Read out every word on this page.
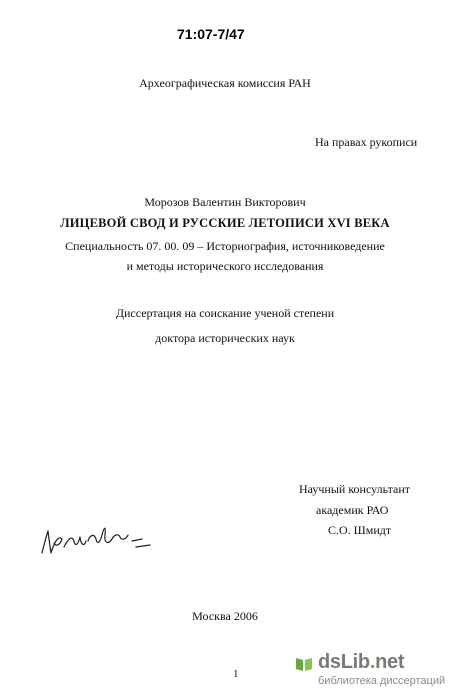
71:07-7/47
Археографическая комиссия РАН
На правах рукописи
Морозов Валентин Викторович
ЛИЦЕВОЙ СВОД И РУССКИЕ ЛЕТОПИСИ XVI ВЕКА
Специальность 07. 00. 09 – Историография, источниковедение
и методы исторического исследования
Диссертация на соискание ученой степени
доктора исторических наук
Научный консультант
академик РАО
С.О. Шмидт
Москва 2006
1
dsLib.net
библиотека диссертаций
